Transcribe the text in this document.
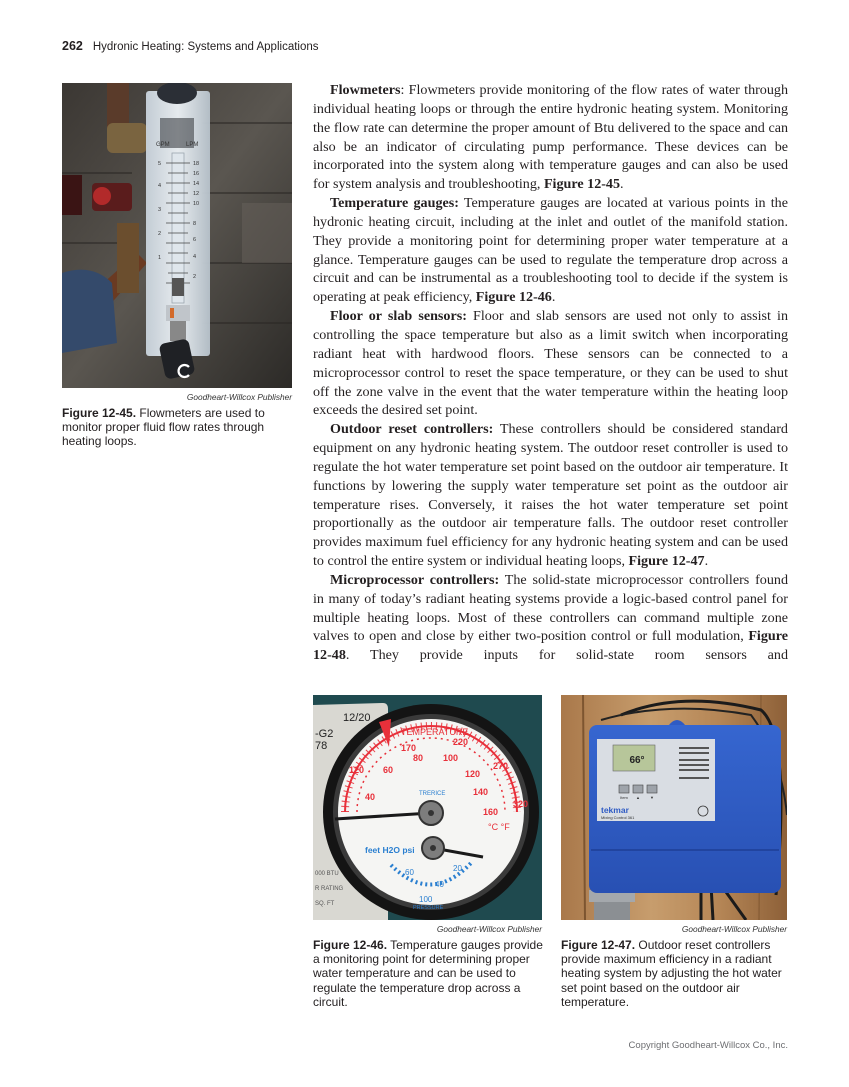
262 Hydronic Heating: Systems and Applications
GPM	LPM
5
4
3
2
1
18
16
14
12
10
8
6
4
2
Goodheart-Willcox Publisher
Figure 12-45. Flowmeters are used to monitor proper fluid flow rates through heating loops.

Flowmeters: Flowmeters provide monitoring of the flow rates of water through individual heating loops or through the entire hydronic heating system. Monitoring the flow rate can determine the proper amount of Btu delivered to the space and can also be an indicator of circulating pump performance. These devices can be incorporated into the system along with temperature gauges and can also be used for system analysis and troubleshooting, Figure 12-45.

Temperature gauges: Temperature gauges are located at various points in the hydronic heating circuit, including at the inlet and outlet of the manifold station. They provide a monitoring point for determining proper water temperature at a glance. Temperature gauges can be used to regulate the temperature drop across a circuit and can be instrumental as a troubleshooting tool to decide if the system is operating at peak efficiency, Figure 12-46.

Floor or slab sensors: Floor and slab sensors are used not only to assist in controlling the space temperature but also as a limit switch when incorporating radiant heat with hardwood floors. These sensors can be connected to a microprocessor control to reset the space temperature, or they can be used to shut off the zone valve in the event that the water temperature within the heating loop exceeds the desired set point.

Outdoor reset controllers: These controllers should be considered standard equipment on any hydronic heating system. The outdoor reset controller is used to regulate the hot water temperature set point based on the outdoor air temperature. It functions by lowering the supply water temperature set point as the outdoor air temperature rises. Conversely, it raises the hot water temperature set point proportionally as the outdoor air temperature falls. The outdoor reset controller provides maximum fuel efficiency for any hydronic heating system and can be used to control the entire system or individual heating loops, Figure 12-47.

Microprocessor controllers: The solid-state microprocessor controllers found in many of today’s radiant heating systems provide a logic-based control panel for multiple heating loops. Most of these controllers can command multiple zone valves to open and close by either two-position control or full modulation, Figure 12-48. They provide inputs for solid-state room sensors and

12/20
-G2
78
000 BTU
R RATING
SQ. FT
TEMPERATURE
120
170
220
270
320
40
60
80 100
120
140
160
°C °F
TRERICE
feet H2O psi
60
40
20
100
PRESSURE
Goodheart-Willcox Publisher
Figure 12-46. Temperature gauges provide a monitoring point for determining proper water temperature and can be used to regulate the temperature drop across a circuit.
66°
Item ▲	▼
tekmar
Mixing Control 361
Goodheart-Willcox Publisher
Figure 12-47. Outdoor reset controllers provide maximum efficiency in a radiant heating system by adjusting the hot water set point based on the outdoor air temperature.
Copyright Goodheart-Willcox Co., Inc.
